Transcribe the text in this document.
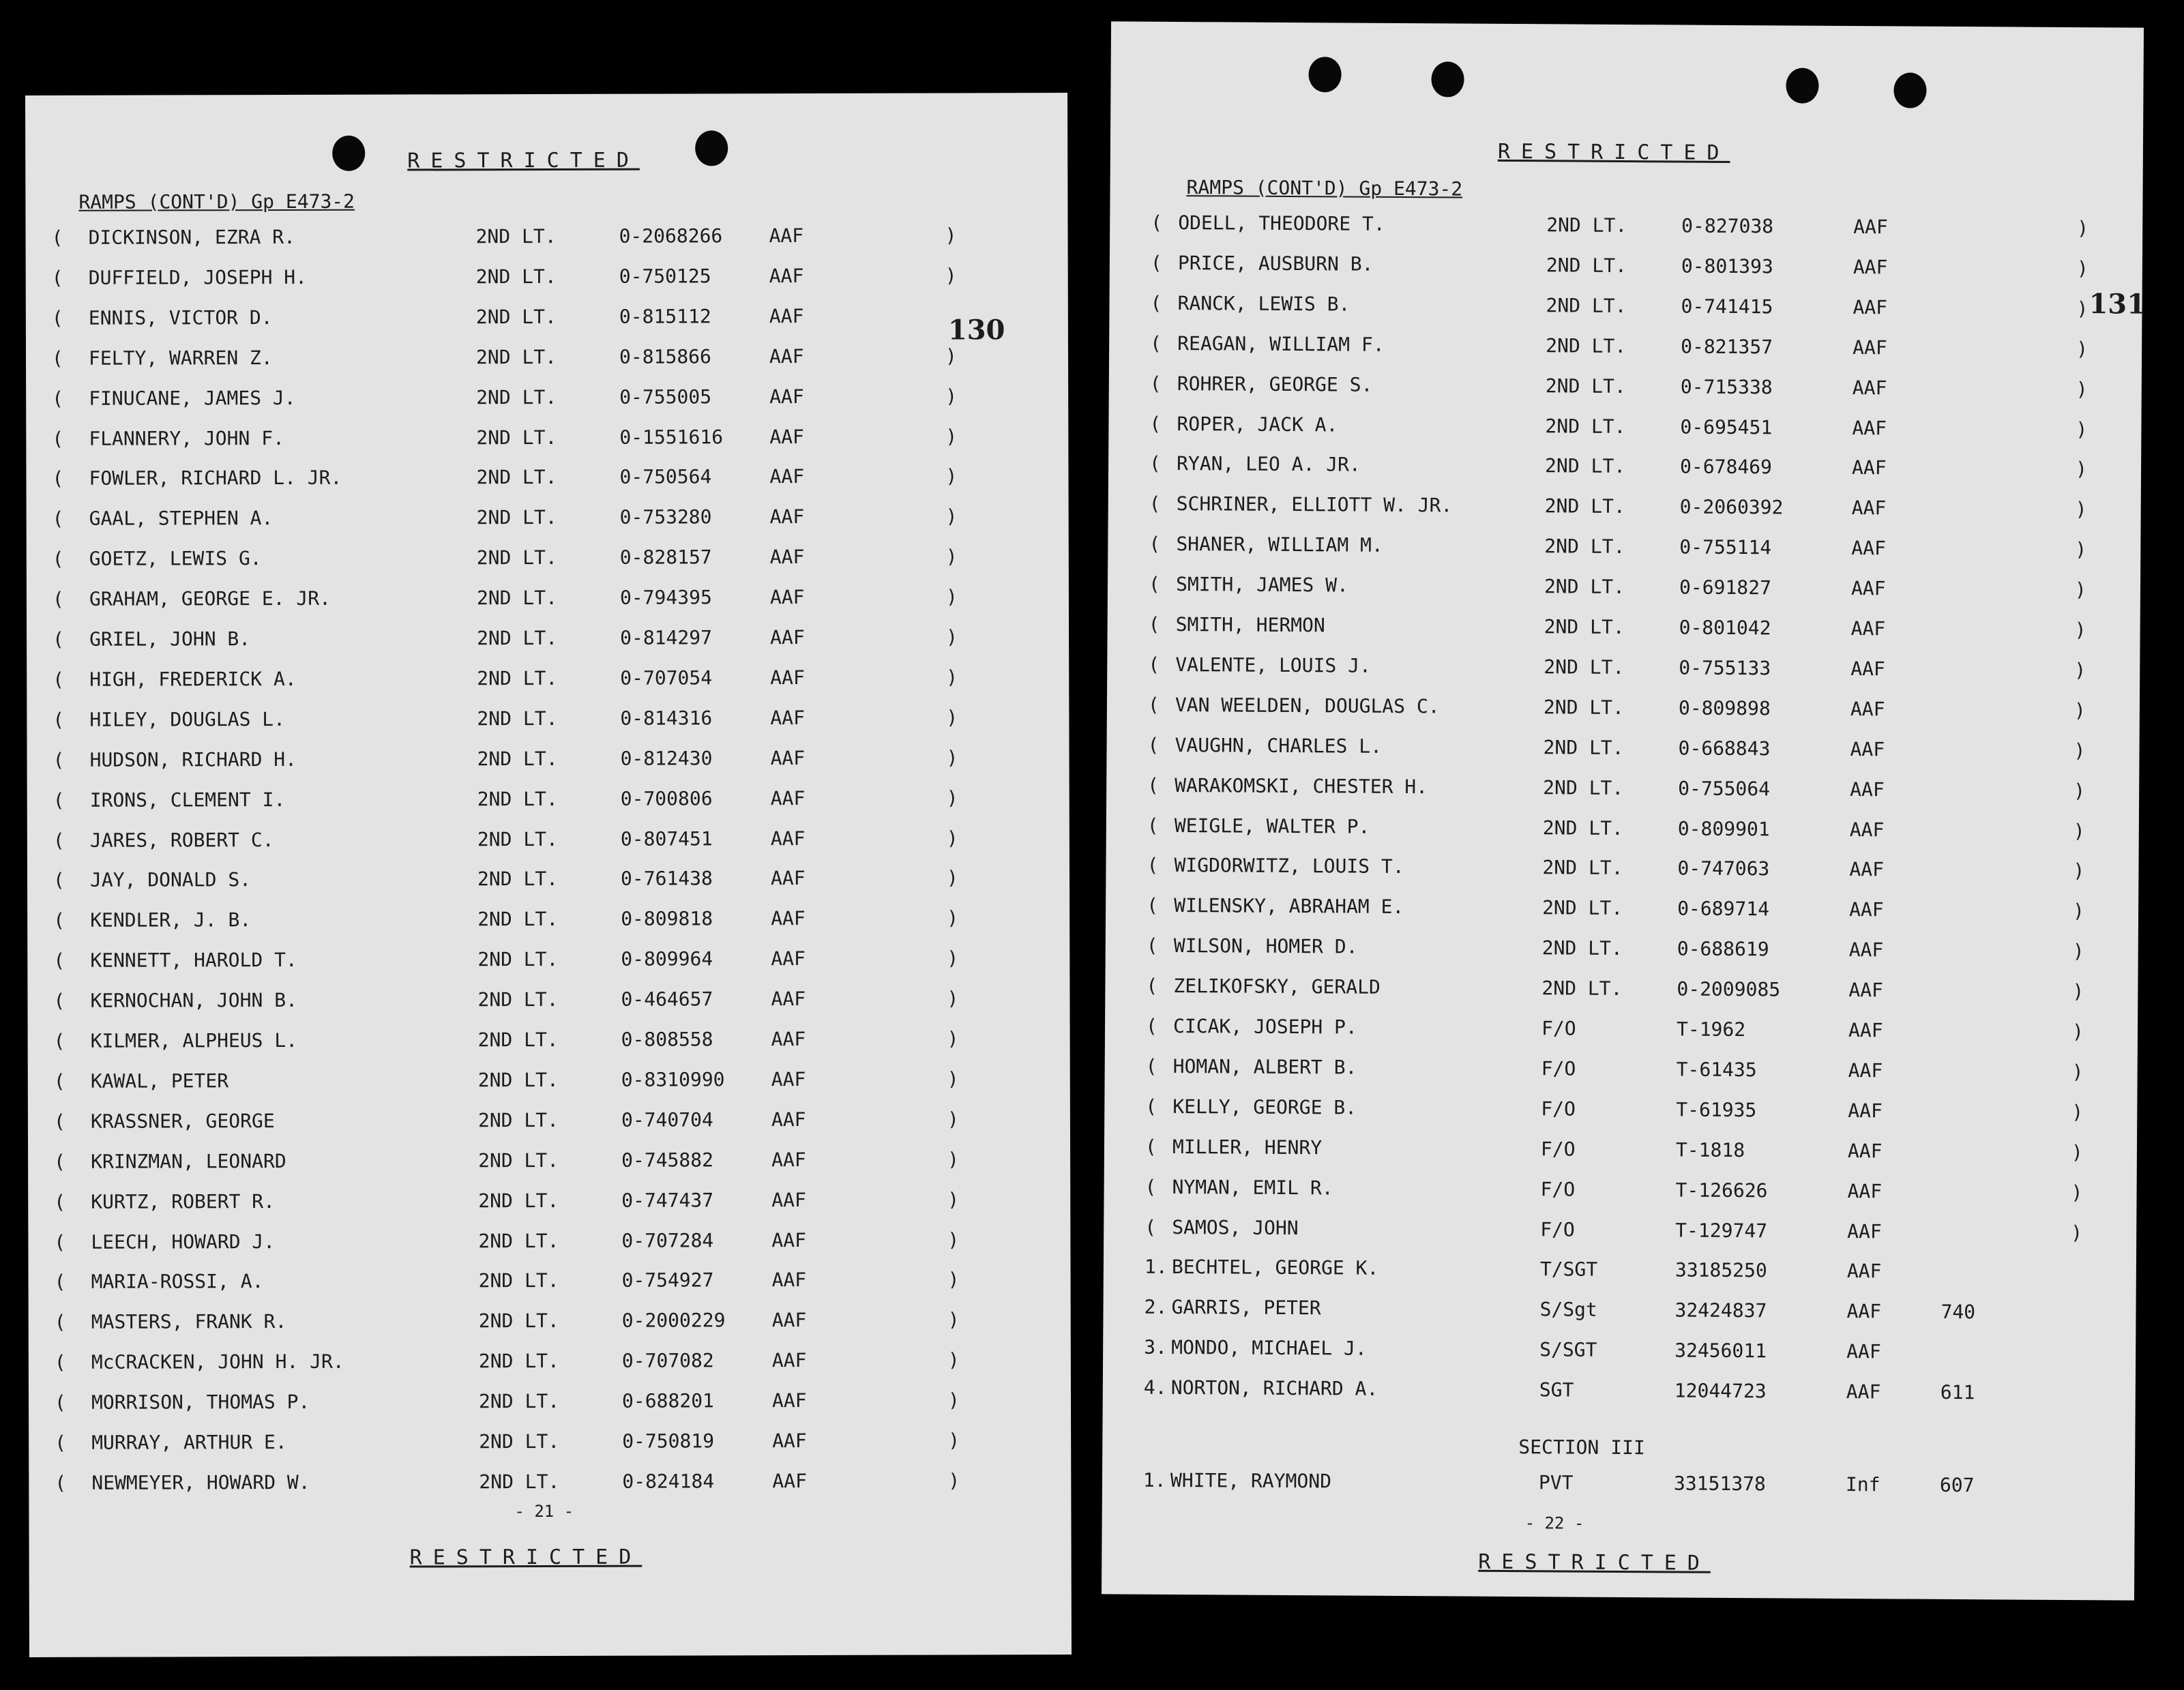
RESTRICTED
RAMPS (CONT'D) Gp E473-2
130
( DICKINSON, EZRA R.	2ND LT.	0-2068266 AAF	)
( DUFFIELD, JOSEPH H.	2ND LT.	0-750125	AAF	)
( ENNIS, VICTOR D.	2ND LT.	0-815112	AAF
( FELTY, WARREN Z.	2ND LT.	0-815866	AAF	)
( FINUCANE, JAMES J.	2ND LT.	0-755005	AAF	)
( FLANNERY, JOHN F.	2ND LT.	0-1551616 AAF	)
( FOWLER, RICHARD L. JR.	2ND LT.	0-750564	AAF	)
( GAAL, STEPHEN A.	2ND LT.	0-753280	AAF	)
( GOETZ, LEWIS G.	2ND LT.	0-828157	AAF	)
( GRAHAM, GEORGE E. JR.	2ND LT.	0-794395	AAF	)
( GRIEL, JOHN B.	2ND LT.	0-814297	AAF	)
( HIGH, FREDERICK A.	2ND LT.	0-707054	AAF	)
( HILEY, DOUGLAS L.	2ND LT.	0-814316	AAF	)
( HUDSON, RICHARD H.	2ND LT.	0-812430	AAF	)
( IRONS, CLEMENT I.	2ND LT.	0-700806	AAF	)
( JARES, ROBERT C.	2ND LT.	0-807451	AAF	)
( JAY, DONALD S.	2ND LT.	0-761438	AAF	)
( KENDLER, J. B.	2ND LT.	0-809818	AAF	)
( KENNETT, HAROLD T.	2ND LT.	0-809964	AAF	)
( KERNOCHAN, JOHN B.	2ND LT.	0-464657	AAF	)
( KILMER, ALPHEUS L.	2ND LT.	0-808558	AAF	)
( KAWAL, PETER	2ND LT.	0-8310990 AAF	)
( KRASSNER, GEORGE	2ND LT.	0-740704	AAF	)
( KRINZMAN, LEONARD	2ND LT.	0-745882	AAF	)
( KURTZ, ROBERT R.	2ND LT.	0-747437	AAF	)
( LEECH, HOWARD J.	2ND LT.	0-707284	AAF	)
( MARIA-ROSSI, A.	2ND LT.	0-754927	AAF	)
( MASTERS, FRANK R.	2ND LT.	0-2000229 AAF	)
( McCRACKEN, JOHN H. JR.	2ND LT.	0-707082	AAF	)
( MORRISON, THOMAS P.	2ND LT.	0-688201	AAF	)
( MURRAY, ARTHUR E.	2ND LT.	0-750819	AAF	)
( NEWMEYER, HOWARD W.	2ND LT.	0-824184	AAF	)
- 21 -
RESTRICTED
RESTRICTED
RAMPS (CONT'D) Gp E473-2
131
( ODELL, THEODORE T.	2ND LT.	0-827038	AAF	)
( PRICE, AUSBURN B.	2ND LT.	0-801393	AAF	)
( RANCK, LEWIS B.	2ND LT.	0-741415	AAF	)
( REAGAN, WILLIAM F.	2ND LT.	0-821357	AAF	)
( ROHRER, GEORGE S.	2ND LT.	0-715338	AAF	)
( ROPER, JACK A.	2ND LT.	0-695451	AAF	)
( RYAN, LEO A. JR.	2ND LT.	0-678469	AAF	)
( SCHRINER, ELLIOTT W. JR.	2ND LT.	0-2060392	AAF	)
( SHANER, WILLIAM M.	2ND LT.	0-755114	AAF	)
( SMITH, JAMES W.	2ND LT.	0-691827	AAF	)
( SMITH, HERMON	2ND LT.	0-801042	AAF	)
( VALENTE, LOUIS J.	2ND LT.	0-755133	AAF	)
( VAN WEELDEN, DOUGLAS C.	2ND LT.	0-809898	AAF	)
( VAUGHN, CHARLES L.	2ND LT.	0-668843	AAF	)
( WARAKOMSKI, CHESTER H.	2ND LT.	0-755064	AAF	)
( WEIGLE, WALTER P.	2ND LT.	0-809901	AAF	)
( WIGDORWITZ, LOUIS T.	2ND LT.	0-747063	AAF	)
( WILENSKY, ABRAHAM E.	2ND LT.	0-689714	AAF	)
( WILSON, HOMER D.	2ND LT.	0-688619	AAF	)
( ZELIKOFSKY, GERALD	2ND LT.	0-2009085	AAF	)
( CICAK, JOSEPH P.	F/O	T-1962	AAF	)
( HOMAN, ALBERT B.	F/O	T-61435	AAF	)
( KELLY, GEORGE B.	F/O	T-61935	AAF	)
( MILLER, HENRY	F/O	T-1818	AAF	)
( NYMAN, EMIL R.	F/O	T-126626	AAF	)
( SAMOS, JOHN	F/O	T-129747	AAF	)
1. BECHTEL, GEORGE K.	T/SGT	33185250	AAF
2. GARRIS, PETER	S/Sgt	32424837	AAF	740
3. MONDO, MICHAEL J.	S/SGT	32456011	AAF
4. NORTON, RICHARD A.	SGT	12044723	AAF	611
SECTION III
1. WHITE, RAYMOND	PVT	33151378	Inf	607
- 22 -
RESTRICTED
